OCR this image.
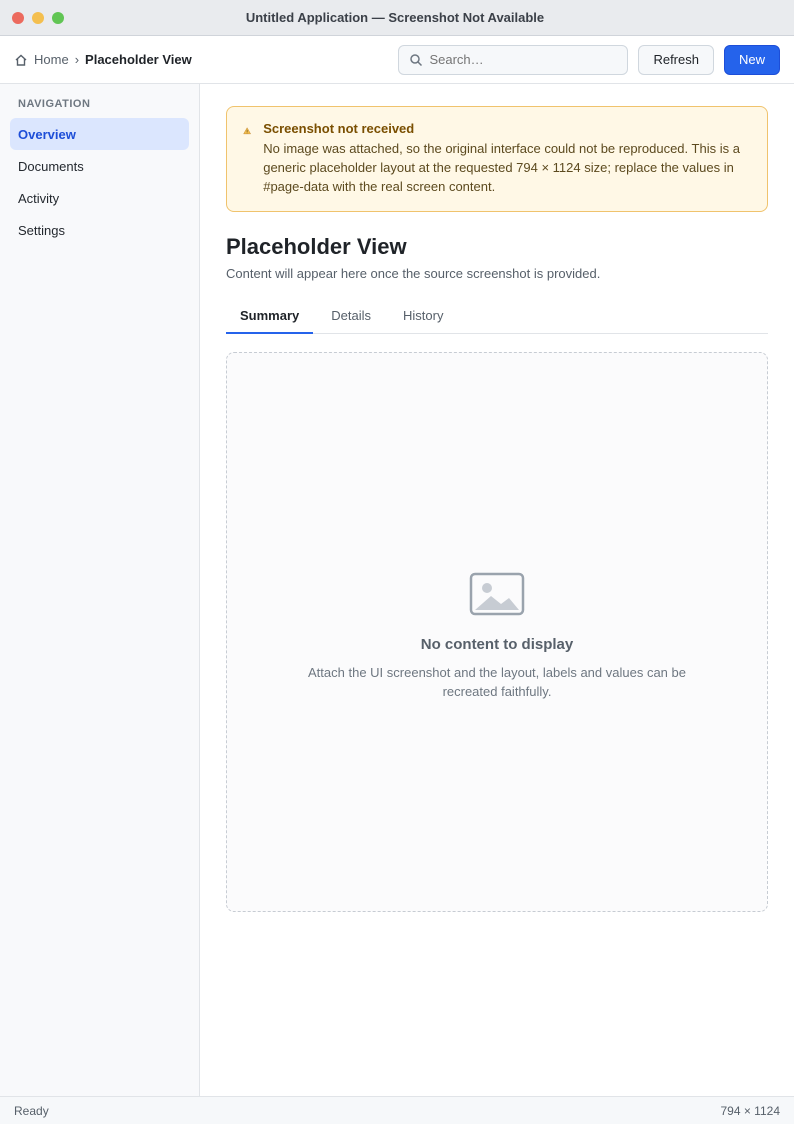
Untitled Application — Screenshot Not Available
Home › Placeholder View
Search…	Refresh	New
NAVIGATION
Overview
Documents
Activity
Settings
Screenshot not received
No image was attached, so the original interface could not be reproduced. This is a generic placeholder layout at the requested 794 × 1124 size; replace the values in #page-data with the real screen content.
Placeholder View

Content will appear here once the source screenshot is provided.

Summary	Details	History
No content to display
Attach the UI screenshot and the layout, labels and values can be recreated faithfully.
Ready	794 × 1124
